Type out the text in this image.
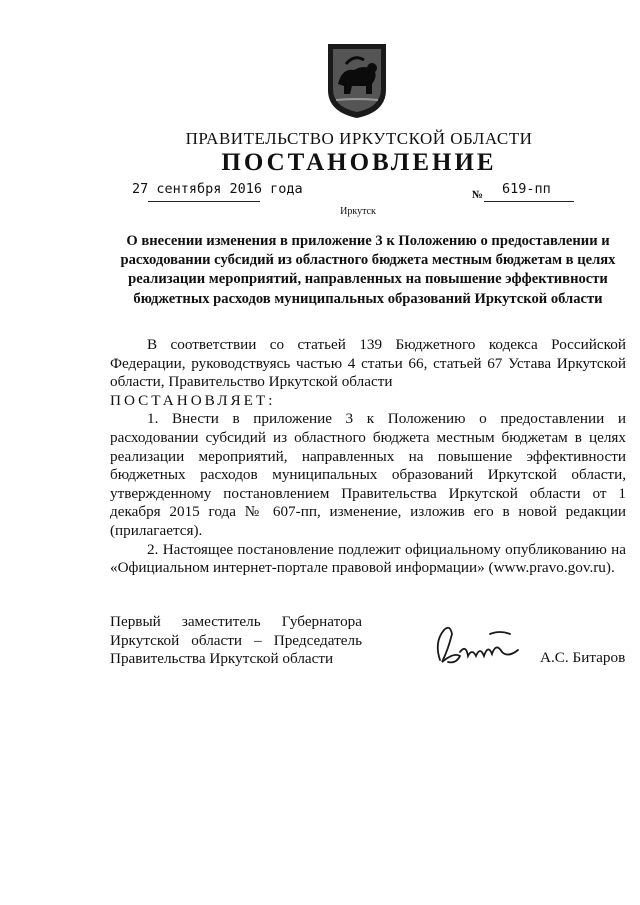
ПРАВИТЕЛЬСТВО ИРКУТСКОЙ ОБЛАСТИ
ПОСТАНОВЛЕНИЕ
27 сентября 2016 года	№ 619-пп
Иркутск
О внесении изменения в приложение 3 к Положению о предоставлении и расходовании субсидий из областного бюджета местным бюджетам в целях реализации мероприятий, направленных на повышение эффективности бюджетных расходов муниципальных образований Иркутской области

В соответствии со статьей 139 Бюджетного кодекса Российской Федерации, руководствуясь частью 4 статьи 66, статьей 67 Устава Иркутской области, Правительство Иркутской области

ПОСТАНОВЛЯЕТ:

1. Внести в приложение 3 к Положению о предоставлении и расходовании субсидий из областного бюджета местным бюджетам в целях реализации мероприятий, направленных на повышение эффективности бюджетных расходов муниципальных образований Иркутской области, утвержденному постановлением Правительства Иркутской области от 1 декабря 2015 года № 607-пп, изменение, изложив его в новой редакции (прилагается).

2. Настоящее постановление подлежит официальному опубликованию на «Официальном интернет-портале правовой информации» (www.pravo.gov.ru).

Первый заместитель Губернатора
Иркутской области – Председатель
Правительства Иркутской области	А.С. Битаров
